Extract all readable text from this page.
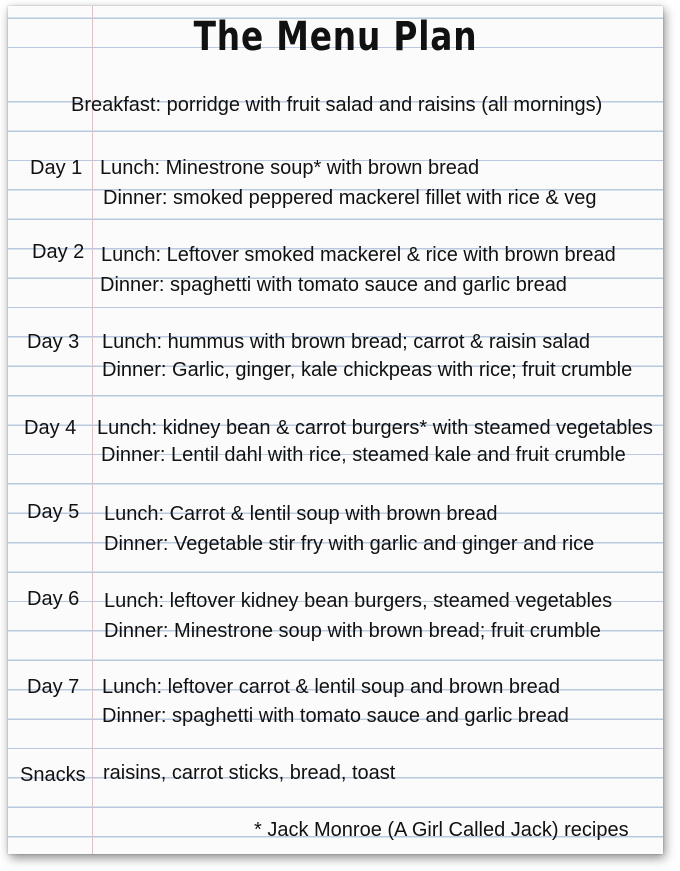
The Menu Plan
Breakfast: porridge with fruit salad and raisins (all mornings)
Day 1 Lunch: Minestrone soup* with brown bread
Dinner: smoked peppered mackerel fillet with rice & veg
Day 2 Lunch: Leftover smoked mackerel & rice with brown bread
Dinner: spaghetti with tomato sauce and garlic bread
Day 3 Lunch: hummus with brown bread; carrot & raisin salad
Dinner: Garlic, ginger, kale chickpeas with rice; fruit crumble
Day 4 Lunch: kidney bean & carrot burgers* with steamed vegetables
Dinner: Lentil dahl with rice, steamed kale and fruit crumble
Day 5 Lunch: Carrot & lentil soup with brown bread
Dinner: Vegetable stir fry with garlic and ginger and rice
Day 6 Lunch: leftover kidney bean burgers, steamed vegetables
Dinner: Minestrone soup with brown bread; fruit crumble
Day 7 Lunch: leftover carrot & lentil soup and brown bread
Dinner: spaghetti with tomato sauce and garlic bread
Snacks raisins, carrot sticks, bread, toast
* Jack Monroe (A Girl Called Jack) recipes
